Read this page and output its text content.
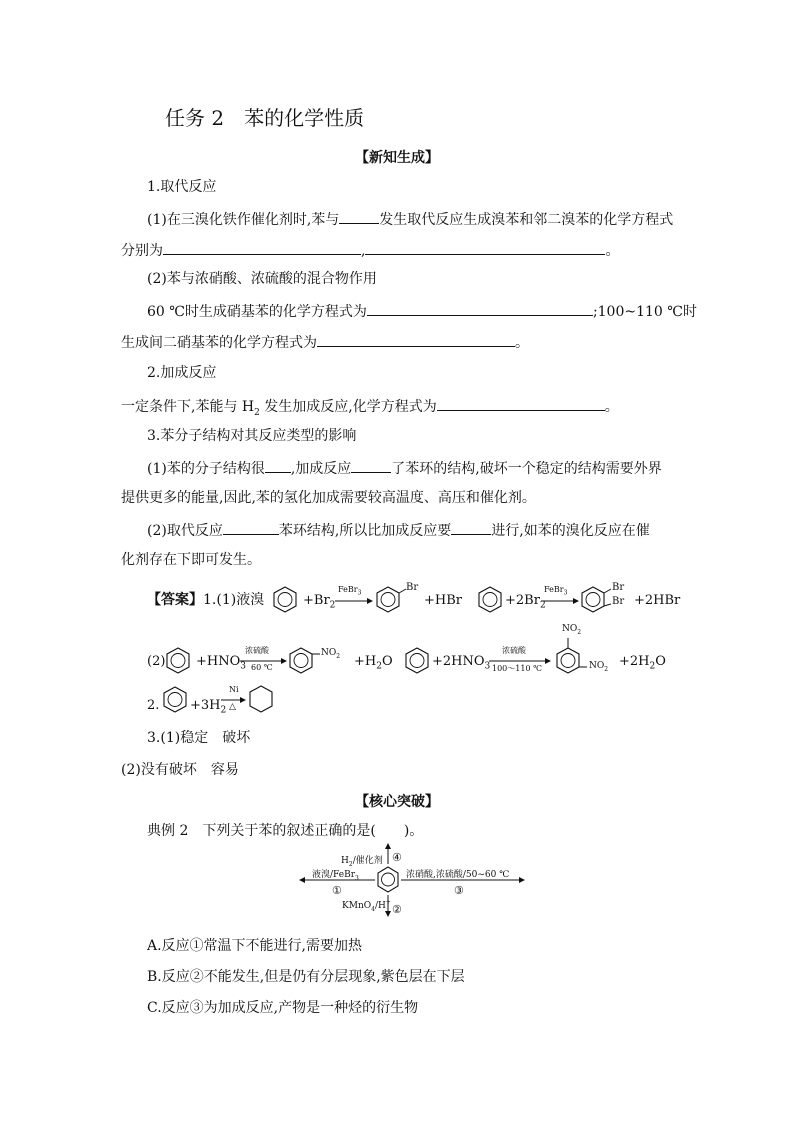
任务 2　苯的化学性质
【新知生成】
1.取代反应
(1)在三溴化铁作催化剂时,苯与	发生取代反应生成溴苯和邻二溴苯的化学方程式
分别为	,	。
(2)苯与浓硝酸、浓硫酸的混合物作用
60 ℃时生成硝基苯的化学方程式为	;100~110 ℃时
生成间二硝基苯的化学方程式为	。
2.加成反应
一定条件下,苯能与 $H_2$ 发生加成反应,化学方程式为	。
3.苯分子结构对其反应类型的影响
(1)苯的分子结构很 ,加成反应	了苯环的结构,破坏一个稳定的结构需要外界
提供更多的能量,因此,苯的氢化加成需要较高温度、高压和催化剂。
(2)取代反应	苯环结构,所以比加成反应要	进行,如苯的溴化反应在催
化剂存在下即可发生。
【答案】1.(1)液溴	$+Br_2$
FeBr$_3$
Br
+HBr	$+2Br_2$
FeBr$_3$
Br
Br +2HBr
$(2) +HNO_3$
浓硫酸
60 ℃
$NO_2 +H_2O$	$+2HNO_3$
浓硫酸
100～110 ℃
$NO_2$
$NO_2$
$+2H_2O$
2. $+3H_2$
Ni
△
3.(1)稳定　破坏
(2)没有破坏　容易
【核心突破】
典例 2　下列关于苯的叙述正确的是(　　)。
$H_2/$催化剂 ④
液溴/FeBr$_3$
①
浓硝酸,浓硫酸/50~60 ℃
③
KMnO$_4$/H+
②
A.反应①常温下不能进行,需要加热
B.反应②不能发生,但是仍有分层现象,紫色层在下层
C.反应③为加成反应,产物是一种烃的衍生物
